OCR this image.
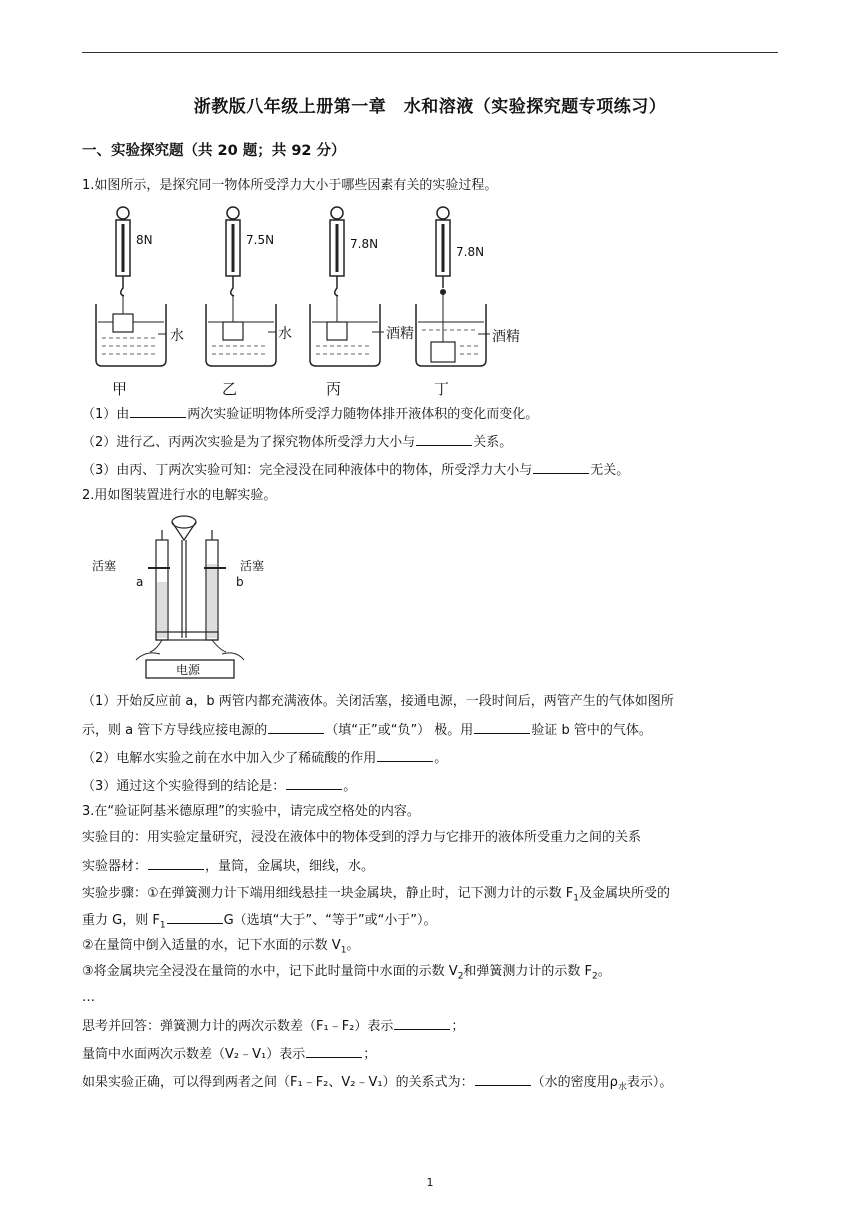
浙教版八年级上册第一章　水和溶液（实验探究题专项练习）
一、实验探究题（共 20 题；共 92 分）
1.如图所示，是探究同一物体所受浮力大小于哪些因素有关的实验过程。
8N	7.5N	7.8N
7.8N
水	水	酒精	酒精
甲	乙	丙	丁
（1）由	两次实验证明物体所受浮力随物体排开液体积的变化而变化。
（2）进行乙、丙两次实验是为了探究物体所受浮力大小与	关系。
（3）由丙、丁两次实验可知：完全浸没在同种液体中的物体，所受浮力大小与	无关。
2.用如图装置进行水的电解实验。
活塞	活塞
a	b
电源
（1）开始反应前 a，b 两管内都充满液体。关闭活塞，接通电源，一段时间后，两管产生的气体如图所
示，则 a 管下方导线应接电源的	（填“正”或“负”） 极。用	验证 b 管中的气体。
（2）电解水实验之前在水中加入少了稀硫酸的作用	。
（3）通过这个实验得到的结论是：	。
3.在“验证阿基米德原理”的实验中，请完成空格处的内容。
实验目的：用实验定量研究，浸没在液体中的物体受到的浮力与它排开的液体所受重力之间的关系
实验器材：	，量筒，金属块，细线，水。
实验步骤：①在弹簧测力计下端用细线悬挂一块金属块，静止时，记下测力计的示数 $F_1$及金属块所受的
重力 G，则 $F_1$	G（选填“大于”、“等于”或“小于”）。
②在量筒中倒入适量的水，记下水面的示数 $V_1$。
③将金属块完全浸没在量筒的水中，记下此时量筒中水面的示数 $V_2$和弹簧测力计的示数 $F_2$。
…
思考并回答：弹簧测力计的两次示数差（F₁﹣F₂）表示	；
量筒中水面两次示数差（V₂﹣V₁）表示	；
如果实验正确，可以得到两者之间（F₁﹣F₂、V₂﹣V₁）的关系式为：	（水的密度用$\rho_水$表示）。
1
